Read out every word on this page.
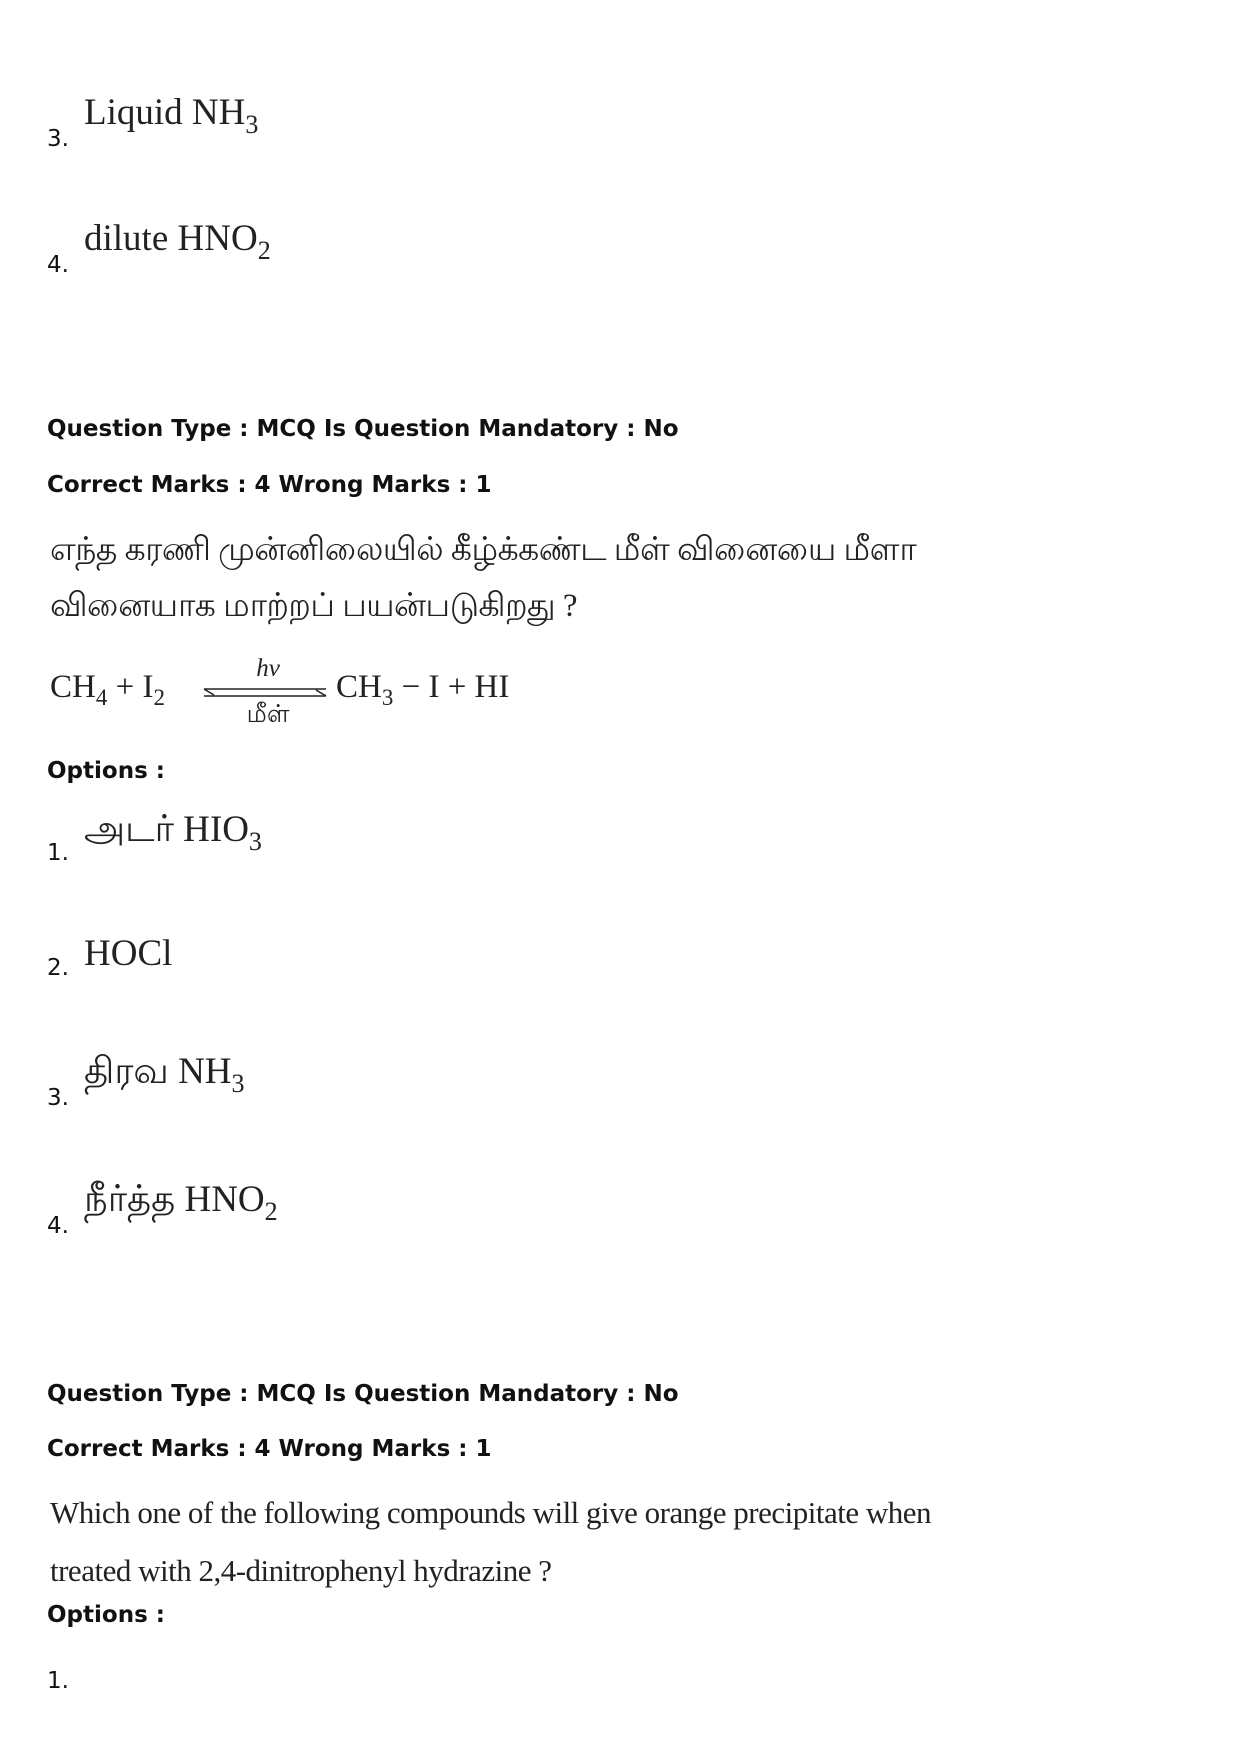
3.
Liquid $NH_3$
4.
dilute $HNO_2$
Question Type : MCQ Is Question Mandatory : No
Correct Marks : 4 Wrong Marks : 1
எந்த கரணி முன்னிலையில் கீழ்க்கண்ட மீள் வினையை மீளா வினையாக மாற்றப் பயன்படுகிறது ?
$CH_4 + I_2$
hν
மீள்
$CH_3 - I$ + HI
Options :
1.
அடர் $HIO_3$
2. HOCl
3.
திரவ $NH_3$
4.
நீர்த்த $HNO_2$
Question Type : MCQ Is Question Mandatory : No
Correct Marks : 4 Wrong Marks : 1
Which one of the following compounds will give orange precipitate when treated with 2,4-dinitrophenyl hydrazine ?
Options :
1.
